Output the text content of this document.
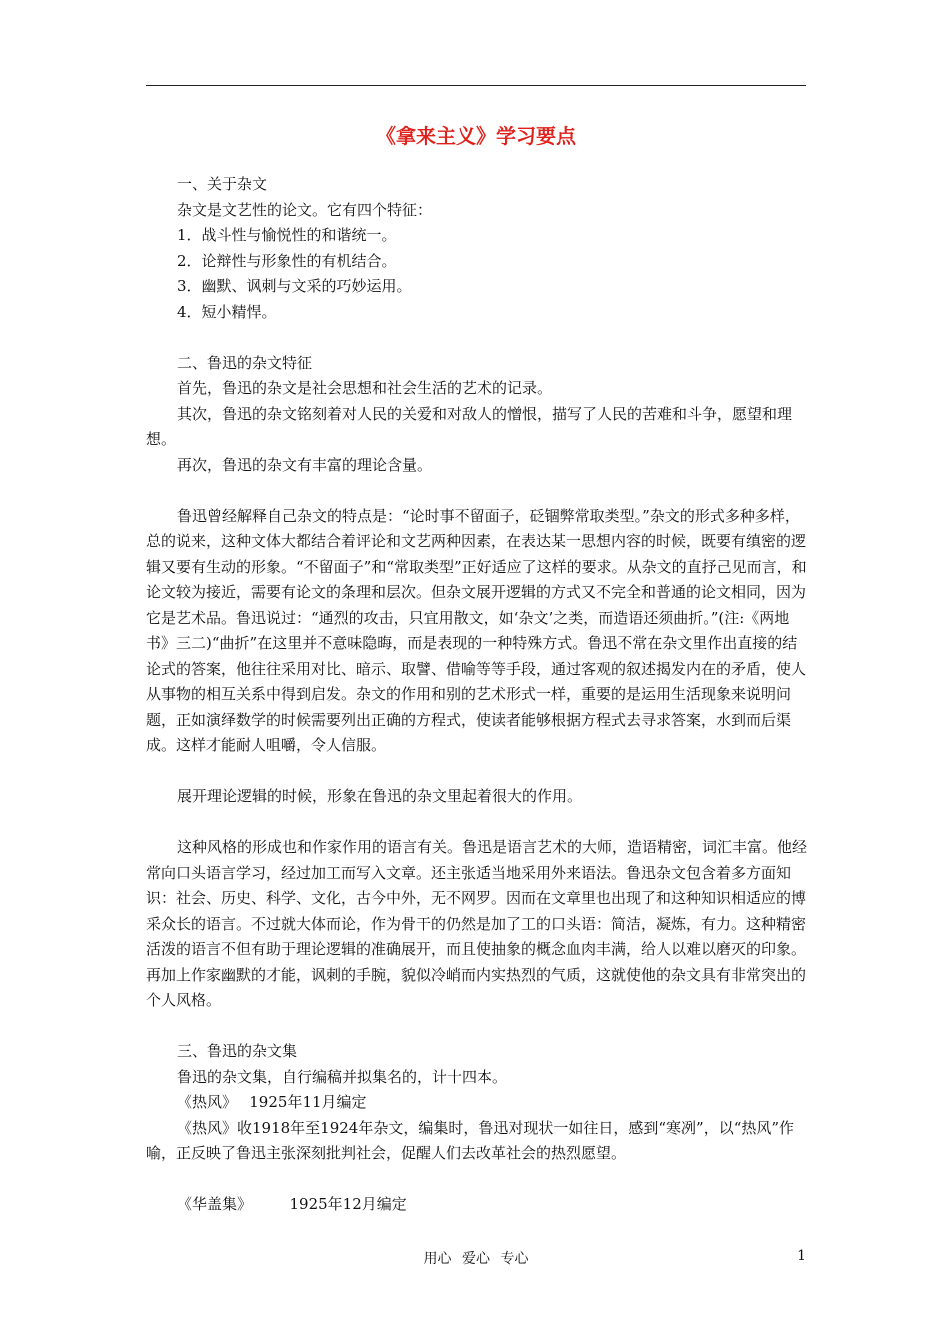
《拿来主义》学习要点

一、关于杂文

杂文是文艺性的论文。它有四个特征：

1．战斗性与愉悦性的和谐统一。

2．论辩性与形象性的有机结合。

3．幽默、讽刺与文采的巧妙运用。

4．短小精悍。

二、鲁迅的杂文特征

首先，鲁迅的杂文是社会思想和社会生活的艺术的记录。

其次，鲁迅的杂文铭刻着对人民的关爱和对敌人的憎恨，描写了人民的苦难和斗争，愿望和理想。

再次，鲁迅的杂文有丰富的理论含量。

鲁迅曾经解释自己杂文的特点是：“论时事不留面子，砭锢弊常取类型。”杂文的形式多种多样，总的说来，这种文体大都结合着评论和文艺两种因素，在表达某一思想内容的时候，既要有缜密的逻辑又要有生动的形象。“不留面子”和“常取类型”正好适应了这样的要求。从杂文的直抒己见而言，和论文较为接近，需要有论文的条理和层次。但杂文展开逻辑的方式又不完全和普通的论文相同，因为它是艺术品。鲁迅说过：“通烈的攻击，只宜用散文，如‘杂文’之类，而造语还须曲折。”(注:《两地书》三二)“曲折”在这里并不意味隐晦，而是表现的一种特殊方式。鲁迅不常在杂文里作出直接的结论式的答案，他往往采用对比、暗示、取譬、借喻等等手段，通过客观的叙述揭发内在的矛盾，使人从事物的相互关系中得到启发。杂文的作用和别的艺术形式一样，重要的是运用生活现象来说明问题，正如演绎数学的时候需要列出正确的方程式，使读者能够根据方程式去寻求答案，水到而后渠成。这样才能耐人咀嚼，令人信服。

展开理论逻辑的时候，形象在鲁迅的杂文里起着很大的作用。

这种风格的形成也和作家作用的语言有关。鲁迅是语言艺术的大师，造语精密，词汇丰富。他经常向口头语言学习，经过加工而写入文章。还主张适当地采用外来语法。鲁迅杂文包含着多方面知识：社会、历史、科学、文化，古今中外，无不网罗。因而在文章里也出现了和这种知识相适应的博采众长的语言。不过就大体而论，作为骨干的仍然是加了工的口头语：简洁，凝炼，有力。这种精密活泼的语言不但有助于理论逻辑的准确展开，而且使抽象的概念血肉丰满，给人以难以磨灭的印象。再加上作家幽默的才能，讽刺的手腕，貌似冷峭而内实热烈的气质，这就使他的杂文具有非常突出的个人风格。

三、鲁迅的杂文集

鲁迅的杂文集，自行编稿并拟集名的，计十四本。

《热风》　 1925年11月编定

《热风》收1918年至1924年杂文，编集时，鲁迅对现状一如往日，感到“寒冽”，以“热风”作喻，正反映了鲁迅主张深刻批判社会，促醒人们去改革社会的热烈愿望。

《华盖集》　　　1925年12月编定

用心 爱心 专心	1
